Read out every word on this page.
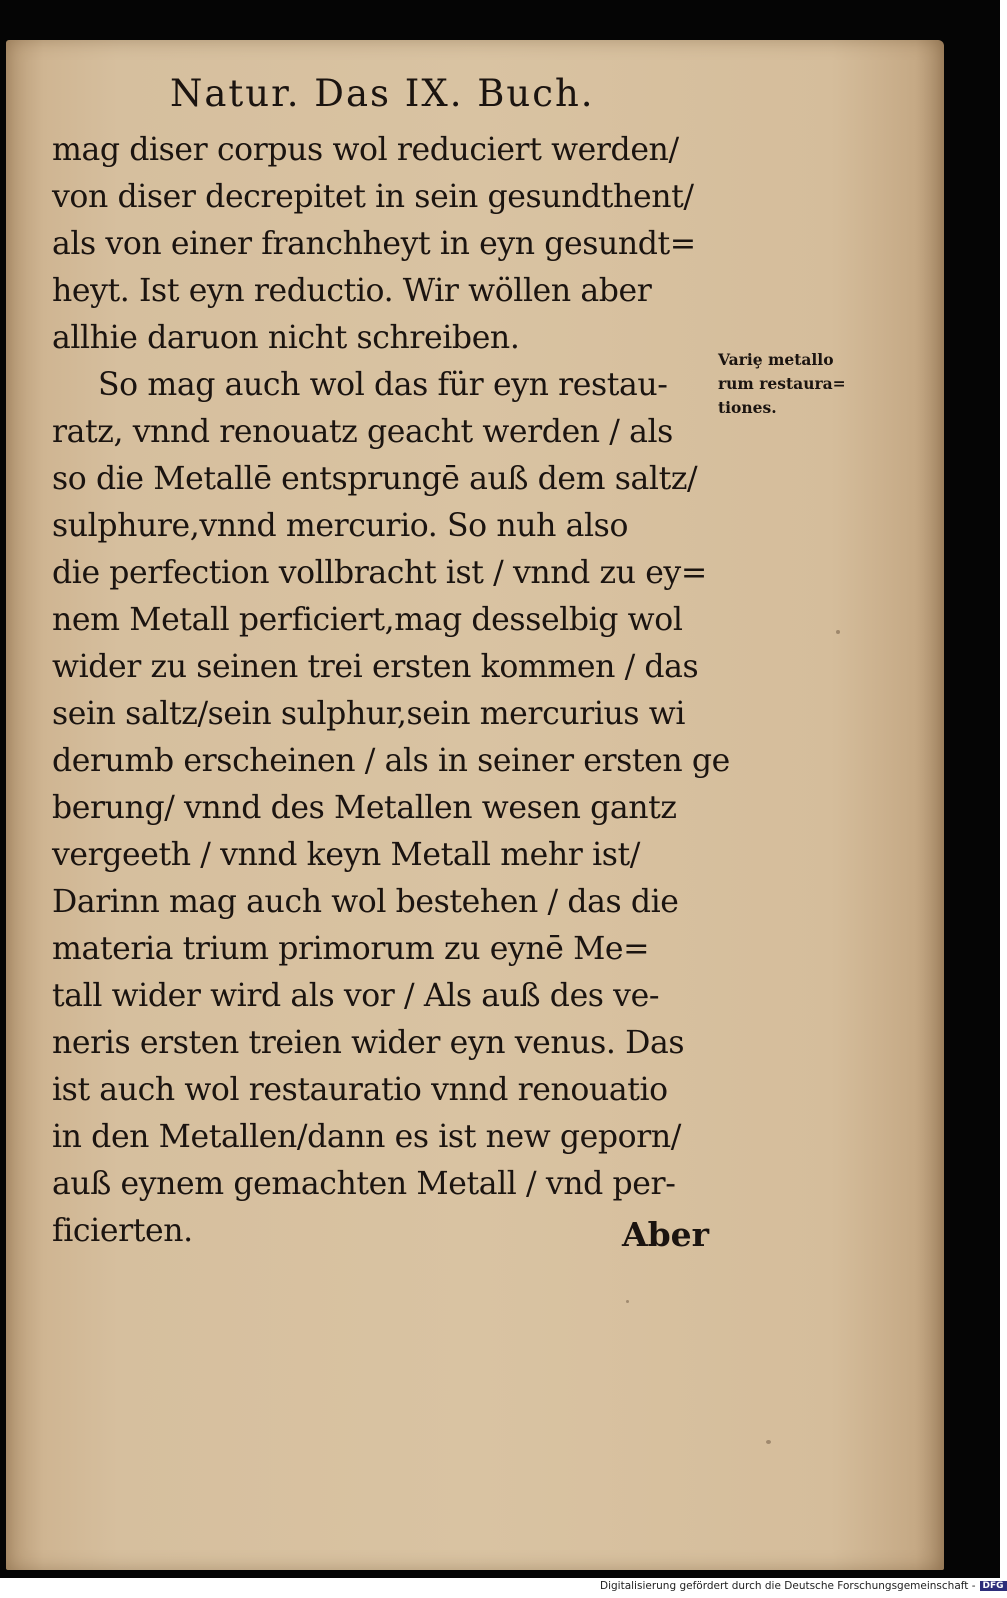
Natur. Das IX. Buch.
mag diser corpus wol reduciert werden/
von diser decrepitet in sein gesundthent/
als von einer franchheyt in eyn gesundt=
heyt. Ist eyn reductio. Wir wöllen aber
allhie daruon nicht schreiben.
So mag auch wol das für eyn restau-
ratz, vnnd renouatz geacht werden / als
so die Metallē entsprungē auß dem saltz/
sulphure,vnnd mercurio. So nuh also
die perfection vollbracht ist / vnnd zu ey=
nem Metall perficiert,mag desselbig wol
wider zu seinen trei ersten kommen / das
sein saltz/sein sulphur,sein mercurius wi
derumb erscheinen / als in seiner ersten ge
berung/ vnnd des Metallen wesen gantz
vergeeth / vnnd keyn Metall mehr ist/
Darinn mag auch wol bestehen / das die
materia trium primorum zu eynē Me=
tall wider wird als vor / Als auß des ve-
neris ersten treien wider eyn venus. Das
ist auch wol restauratio vnnd renouatio
in den Metallen/dann es ist new geporn/
auß eynem gemachten Metall / vnd per-
ficierten.
Variȩ metallo
rum restaura=
tiones.
Aber
Digitalisierung gefördert durch die Deutsche Forschungsgemeinschaft - DFG
